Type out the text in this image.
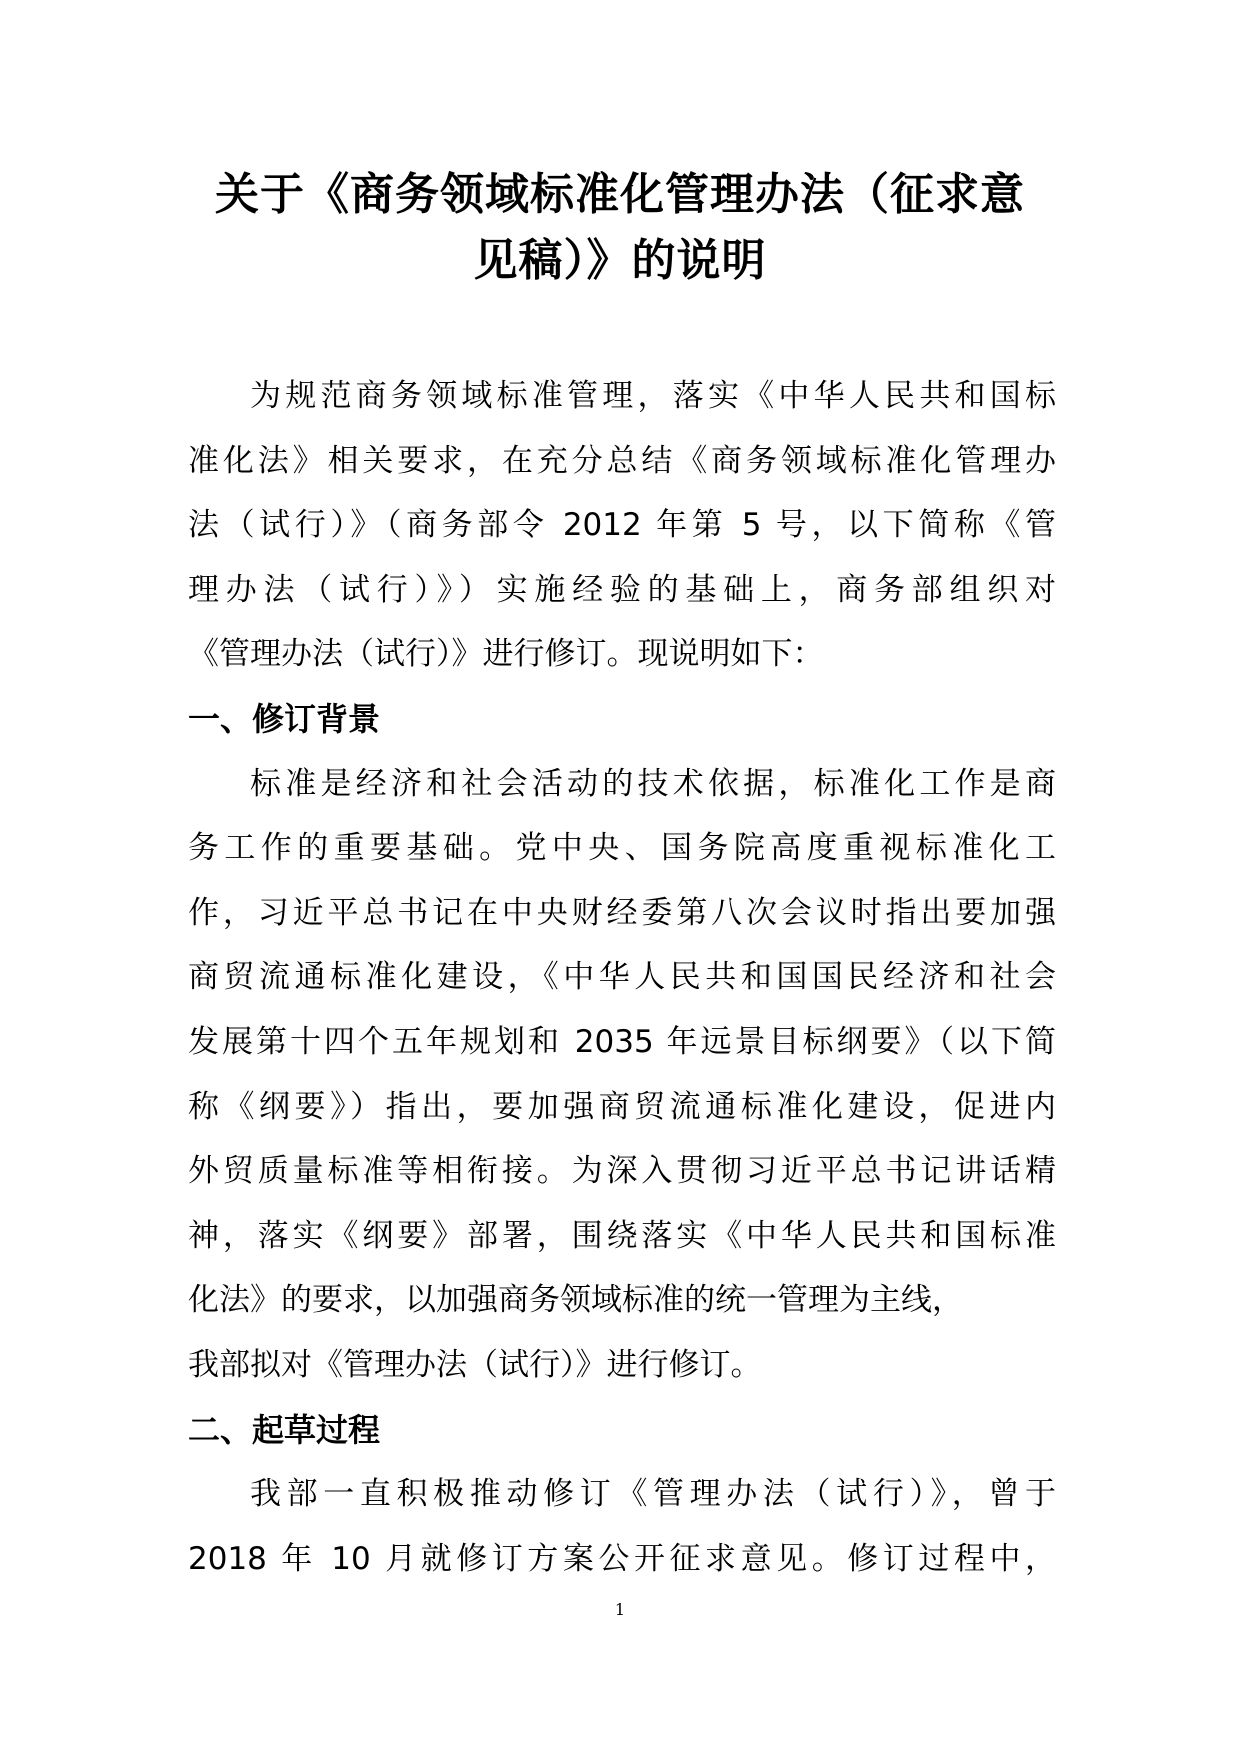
关于《商务领域标准化管理办法（征求意
见稿）》的说明

为规范商务领域标准管理，落实《中华人民共和国标
准化法》相关要求，在充分总结《商务领域标准化管理办
法（试行）》（商务部令 2012 年第 5 号，以下简称《管
理办法（试行）》）实施经验的基础上，商务部组织对
《管理办法（试行）》进行修订。现说明如下：

一、修订背景

标准是经济和社会活动的技术依据，标准化工作是商
务工作的重要基础。党中央、国务院高度重视标准化工
作，习近平总书记在中央财经委第八次会议时指出要加强
商贸流通标准化建设，《中华人民共和国国民经济和社会
发展第十四个五年规划和 2035 年远景目标纲要》（以下简
称《纲要》）指出，要加强商贸流通标准化建设，促进内
外贸质量标准等相衔接。为深入贯彻习近平总书记讲话精
神，落实《纲要》部署，围绕落实《中华人民共和国标准
化法》的要求，以加强商务领域标准的统一管理为主线，
我部拟对《管理办法（试行）》进行修订。

二、起草过程

我部一直积极推动修订《管理办法（试行）》，曾于
2018 年 10 月就修订方案公开征求意见。修订过程中，

1
